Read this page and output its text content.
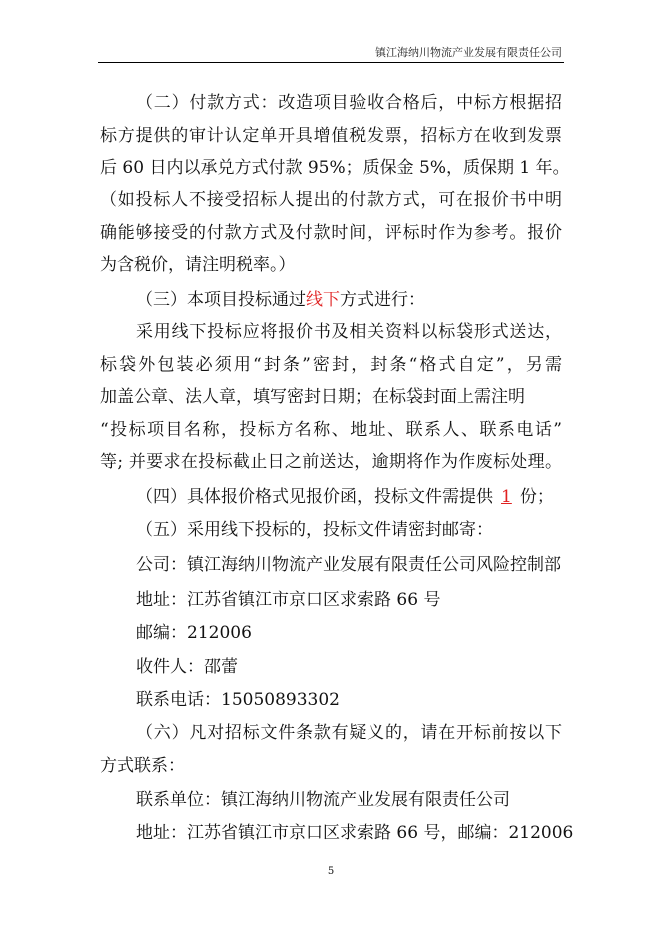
镇江海纳川物流产业发展有限责任公司
（二）付款方式：改造项目验收合格后，中标方根据招
标方提供的审计认定单开具增值税发票，招标方在收到发票
后 60 日内以承兑方式付款 95%；质保金 5%，质保期 1 年。
（如投标人不接受招标人提出的付款方式，可在报价书中明
确能够接受的付款方式及付款时间，评标时作为参考。报价
为含税价，请注明税率。）
（三）本项目投标通过线下方式进行：
采用线下投标应将报价书及相关资料以标袋形式送达，
标袋外包装必须用“封条”密封，封条“格式自定”，另需
加盖公章、法人章，填写密封日期；在标袋封面上需注明
“投标项目名称，投标方名称、地址、联系人、联系电话”
等; 并要求在投标截止日之前送达，逾期将作为作废标处理。
（四）具体报价格式见报价函，投标文件需提供 1 份；
（五）采用线下投标的，投标文件请密封邮寄：
公司：镇江海纳川物流产业发展有限责任公司风险控制部
地址：江苏省镇江市京口区求索路 66 号
邮编：212006
收件人：邵蕾
联系电话：15050893302
（六）凡对招标文件条款有疑义的，请在开标前按以下
方式联系：
联系单位：镇江海纳川物流产业发展有限责任公司
地址：江苏省镇江市京口区求索路 66 号，邮编：212006
5
